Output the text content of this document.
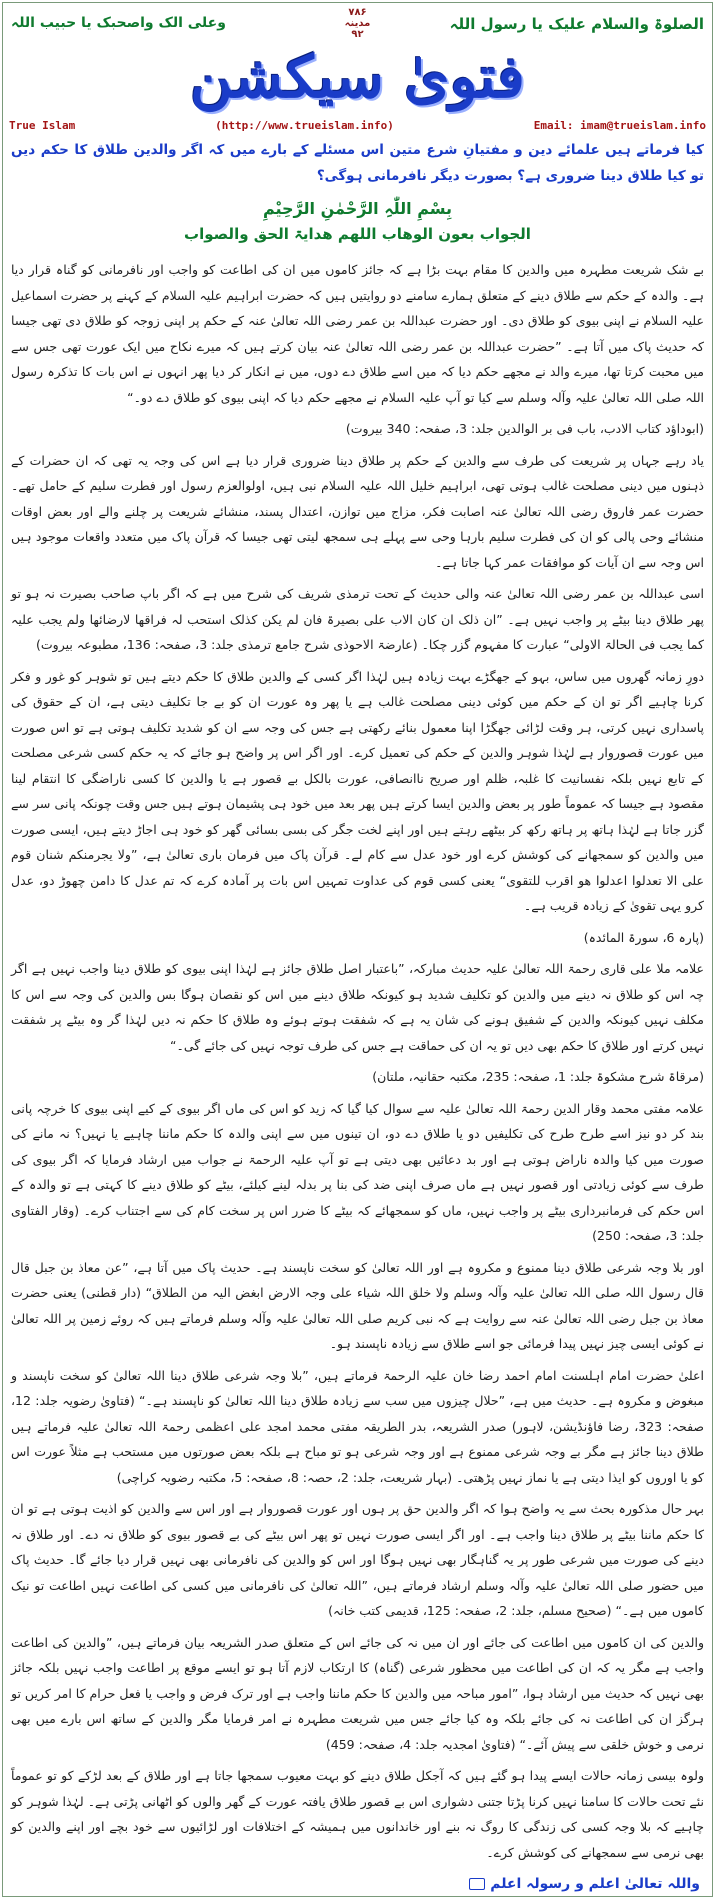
الصلوۃ والسلام علیک یا رسول اللہ
۷۸۶
مدینہ
۹۲
وعلی الک واصحبک یا حبیب اللہ
فتویٰ سیکشن
True Islam	(http://www.trueislam.info)	Email: imam@trueislam.info
کیا فرماتے ہیں علمائے دین و مفتیانِ شرع متین اس مسئلے کے بارے میں کہ اگر والدین طلاق کا حکم دیں تو کیا طلاق دینا ضروری ہے؟ بصورت دیگر نافرمانی ہوگی؟
بِسْمِ اللّٰہِ الرَّحْمٰنِ الرَّحِیْمِ
الجواب بعون الوھاب اللھم ھدایۃ الحق والصواب

بے شک شریعت مطہرہ میں والدین کا مقام بہت بڑا ہے کہ جائز کاموں میں ان کی اطاعت کو واجب اور نافرمانی کو گناہ قرار دیا ہے۔ والدہ کے حکم سے طلاق دینے کے متعلق ہمارے سامنے دو روایتیں ہیں کہ حضرت ابراہیم علیہ السلام کے کہنے پر حضرت اسماعیل علیہ السلام نے اپنی بیوی کو طلاق دی۔ اور حضرت عبداللہ بن عمر رضی اللہ تعالیٰ عنہ کے حکم پر اپنی زوجہ کو طلاق دی تھی جیسا کہ حدیث پاک میں آتا ہے۔ ”حضرت عبداللہ بن عمر رضی اللہ تعالیٰ عنہ بیان کرتے ہیں کہ میرے نکاح میں ایک عورت تھی جس سے میں محبت کرتا تھا، میرے والد نے مجھے حکم دیا کہ میں اسے طلاق دے دوں، میں نے انکار کر دیا پھر انہوں نے اس بات کا تذکرہ رسول اللہ صلی اللہ تعالیٰ علیہ وآلہ وسلم سے کیا تو آپ علیہ السلام نے مجھے حکم دیا کہ اپنی بیوی کو طلاق دے دو۔“

(ابوداؤد کتاب الادب، باب فی بر الوالدین جلد: 3، صفحہ: 340 بیروت)

یاد رہے جہاں پر شریعت کی طرف سے والدین کے حکم پر طلاق دینا ضروری قرار دیا ہے اس کی وجہ یہ تھی کہ ان حضرات کے ذہنوں میں دینی مصلحت غالب ہوتی تھی، ابراہیم خلیل اللہ علیہ السلام نبی ہیں، اولوالعزم رسول اور فطرت سلیم کے حامل تھے۔ حضرت عمر فاروق رضی اللہ تعالیٰ عنہ اصابت فکر، مزاج میں توازن، اعتدال پسند، منشائے شریعت پر چلنے والے اور بعض اوقات منشائے وحی پالی کو ان کی فطرت سلیم بارہا وحی سے پہلے ہی سمجھ لیتی تھی جیسا کہ قرآن پاک میں متعدد واقعات موجود ہیں اس وجہ سے ان آیات کو موافقات عمر کہا جاتا ہے۔

اسی عبداللہ بن عمر رضی اللہ تعالیٰ عنہ والی حدیث کے تحت ترمذی شریف کی شرح میں ہے کہ اگر باپ صاحب بصیرت نہ ہو تو پھر طلاق دینا بیٹے پر واجب نہیں ہے۔ ”ان ذلک ان کان الاب علی بصیرۃ فان لم یکن کذلک استحب لہ فراقھا لارضائھا ولم یجب علیہ کما یجب فی الحالۃ الاولی“ عبارت کا مفہوم گزر چکا۔ (عارضۃ الاحوذی شرح جامع ترمذی جلد: 3، صفحہ: 136، مطبوعہ بیروت)

دورِ زمانہ گھروں میں ساس، بہو کے جھگڑے بہت زیادہ ہیں لہٰذا اگر کسی کے والدین طلاق کا حکم دیتے ہیں تو شوہر کو غور و فکر کرنا چاہیے اگر تو ان کے حکم میں کوئی دینی مصلحت غالب ہے یا پھر وہ عورت ان کو بے جا تکلیف دیتی ہے، ان کے حقوق کی پاسداری نہیں کرتی، ہر وقت لڑائی جھگڑا اپنا معمول بنائے رکھتی ہے جس کی وجہ سے ان کو شدید تکلیف ہوتی ہے تو اس صورت میں عورت قصوروار ہے لہٰذا شوہر والدین کے حکم کی تعمیل کرے۔ اور اگر اس پر واضح ہو جائے کہ یہ حکم کسی شرعی مصلحت کے تابع نہیں بلکہ نفسانیت کا غلبہ، ظلم اور صریح ناانصافی، عورت بالکل بے قصور ہے یا والدین کا کسی ناراضگی کا انتقام لینا مقصود ہے جیسا کہ عموماً طور پر بعض والدین ایسا کرتے ہیں پھر بعد میں خود ہی پشیمان ہوتے ہیں جس وقت چونکہ پانی سر سے گزر جاتا ہے لہٰذا ہاتھ پر ہاتھ رکھ کر بیٹھے رہتے ہیں اور اپنے لخت جگر کی بسی بسائی گھر کو خود ہی اجاڑ دیتے ہیں، ایسی صورت میں والدین کو سمجھانے کی کوشش کرے اور خود عدل سے کام لے۔ قرآن پاک میں فرمان باری تعالیٰ ہے، ”ولا یجرمنکم شنان قوم علی الا تعدلوا اعدلوا ھو اقرب للتقوی“ یعنی کسی قوم کی عداوت تمہیں اس بات پر آمادہ کرے کہ تم عدل کا دامن چھوڑ دو، عدل کرو یہی تقویٰ کے زیادہ قریب ہے۔

(پارہ 6، سورۃ المائدہ)

علامہ ملا علی قاری رحمۃ اللہ تعالیٰ علیہ حدیث مبارکہ، ”باعتبار اصل طلاق جائز ہے لہٰذا اپنی بیوی کو طلاق دینا واجب نہیں ہے اگر چہ اس کو طلاق نہ دینے میں والدین کو تکلیف شدید ہو کیونکہ طلاق دینے میں اس کو نقصان ہوگا بس والدین کی وجہ سے اس کا مکلف نہیں کیونکہ والدین کے شفیق ہونے کی شان یہ ہے کہ شفقت ہوتے ہوئے وہ طلاق کا حکم نہ دیں لہٰذا گر وہ بیٹے پر شفقت نہیں کرتے اور طلاق کا حکم بھی دیں تو یہ ان کی حماقت ہے جس کی طرف توجہ نہیں کی جائے گی۔“

(مرقاۃ شرح مشکوۃ جلد: 1، صفحہ: 235، مکتبہ حقانیہ، ملتان)

علامہ مفتی محمد وقار الدین رحمۃ اللہ تعالیٰ علیہ سے سوال کیا گیا کہ زید کو اس کی ماں اگر بیوی کے کیے اپنی بیوی کا خرچہ پانی بند کر دو نیز اسے طرح طرح کی تکلیفیں دو یا طلاق دے دو، ان تینوں میں سے اپنی والدہ کا حکم ماننا چاہیے یا نہیں؟ نہ مانے کی صورت میں کیا والدہ ناراض ہوتی ہے اور بد دعائیں بھی دیتی ہے تو آپ علیہ الرحمۃ نے جواب میں ارشاد فرمایا کہ اگر بیوی کی طرف سے کوئی زیادتی اور قصور نہیں ہے ماں صرف اپنی ضد کی بنا پر بدلہ لینے کیلئے، بیٹے کو طلاق دینے کا کہتی ہے تو والدہ کے اس حکم کی فرمانبرداری بیٹے پر واجب نہیں، ماں کو سمجھائے کہ بیٹے کا ضرر اس پر سخت کام کی سے اجتناب کرے۔ (وقار الفتاوی جلد: 3، صفحہ: 250)

اور بلا وجہ شرعی طلاق دینا ممنوع و مکروہ ہے اور اللہ تعالیٰ کو سخت ناپسند ہے۔ حدیث پاک میں آتا ہے، ”عن معاذ بن جبل قال قال رسول اللہ صلی اللہ تعالیٰ علیہ وآلہ وسلم ولا خلق اللہ شیاء علی وجہ الارض ابغض الیہ من الطلاق“ (دار قطنی) یعنی حضرت معاذ بن جبل رضی اللہ تعالیٰ عنہ سے روایت ہے کہ نبی کریم صلی اللہ تعالیٰ علیہ وآلہ وسلم فرماتے ہیں کہ روئے زمین پر اللہ تعالیٰ نے کوئی ایسی چیز نہیں پیدا فرمائی جو اسے طلاق سے زیادہ ناپسند ہو۔

اعلیٰ حضرت امام اہلسنت امام احمد رضا خان علیہ الرحمۃ فرماتے ہیں، ”بلا وجہ شرعی طلاق دینا اللہ تعالیٰ کو سخت ناپسند و مبغوض و مکروہ ہے۔ حدیث میں ہے، ”حلال چیزوں میں سب سے زیادہ طلاق دینا اللہ تعالیٰ کو ناپسند ہے۔“ (فتاویٰ رضویہ جلد: 12، صفحہ: 323، رضا فاؤنڈیشن، لاہور) صدر الشریعہ، بدر الطریقہ مفتی محمد امجد علی اعظمی رحمۃ اللہ تعالیٰ علیہ فرماتے ہیں طلاق دینا جائز ہے مگر بے وجہ شرعی ممنوع ہے اور وجہ شرعی ہو تو مباح ہے بلکہ بعض صورتوں میں مستحب ہے مثلاً عورت اس کو یا اوروں کو ایذا دیتی ہے یا نماز نہیں پڑھتی۔ (بہار شریعت، جلد: 2، حصہ: 8، صفحہ: 5، مکتبہ رضویہ کراچی)

بہر حال مذکورہ بحث سے یہ واضح ہوا کہ اگر والدین حق پر ہوں اور عورت قصوروار ہے اور اس سے والدین کو اذیت ہوتی ہے تو ان کا حکم ماننا بیٹے پر طلاق دینا واجب ہے۔ اور اگر ایسی صورت نہیں تو پھر اس بیٹے کی بے قصور بیوی کو طلاق نہ دے۔ اور طلاق نہ دینے کی صورت میں شرعی طور پر یہ گناہگار بھی نہیں ہوگا اور اس کو والدین کی نافرمانی بھی نہیں قرار دیا جائے گا۔ حدیث پاک میں حضور صلی اللہ تعالیٰ علیہ وآلہ وسلم ارشاد فرماتے ہیں، ”اللہ تعالیٰ کی نافرمانی میں کسی کی اطاعت نہیں اطاعت تو نیک کاموں میں ہے۔“ (صحیح مسلم، جلد: 2، صفحہ: 125، قدیمی کتب خانہ)

والدین کی ان کاموں میں اطاعت کی جائے اور ان میں نہ کی جائے اس کے متعلق صدر الشریعہ بیان فرماتے ہیں، ”والدین کی اطاعت واجب ہے مگر یہ کہ ان کی اطاعت میں محظور شرعی (گناہ) کا ارتکاب لازم آتا ہو تو ایسے موقع پر اطاعت واجب نہیں بلکہ جائز بھی نہیں کہ حدیث میں ارشاد ہوا، ”امور مباحہ میں والدین کا حکم ماننا واجب ہے اور ترک فرض و واجب یا فعل حرام کا امر کریں تو ہرگز ان کی اطاعت نہ کی جائے بلکہ وہ کیا جائے جس میں شریعت مطہرہ نے امر فرمایا مگر والدین کے ساتھ اس بارے میں بھی نرمی و خوش خلقی سے پیش آئے۔“ (فتاویٰ امجدیہ جلد: 4، صفحہ: 459)

ولوہ بیسی زمانہ حالات ایسے پیدا ہو گئے ہیں کہ آجکل طلاق دینے کو بہت معیوب سمجھا جاتا ہے اور طلاق کے بعد لڑکے کو تو عموماً نئے تحت حالات کا سامنا نہیں کرنا پڑتا جتنی دشواری اس بے قصور طلاق یافتہ عورت کے گھر والوں کو اٹھانی پڑتی ہے۔ لہٰذا شوہر کو چاہیے کہ بلا وجہ کسی کی زندگی کا روگ نہ بنے اور خاندانوں میں ہمیشہ کے اختلافات اور لڑائیوں سے خود بچے اور اپنے والدین کو بھی نرمی سے سمجھانے کی کوشش کرے۔

واللہ تعالیٰ اعلم و رسولہ اعلم
